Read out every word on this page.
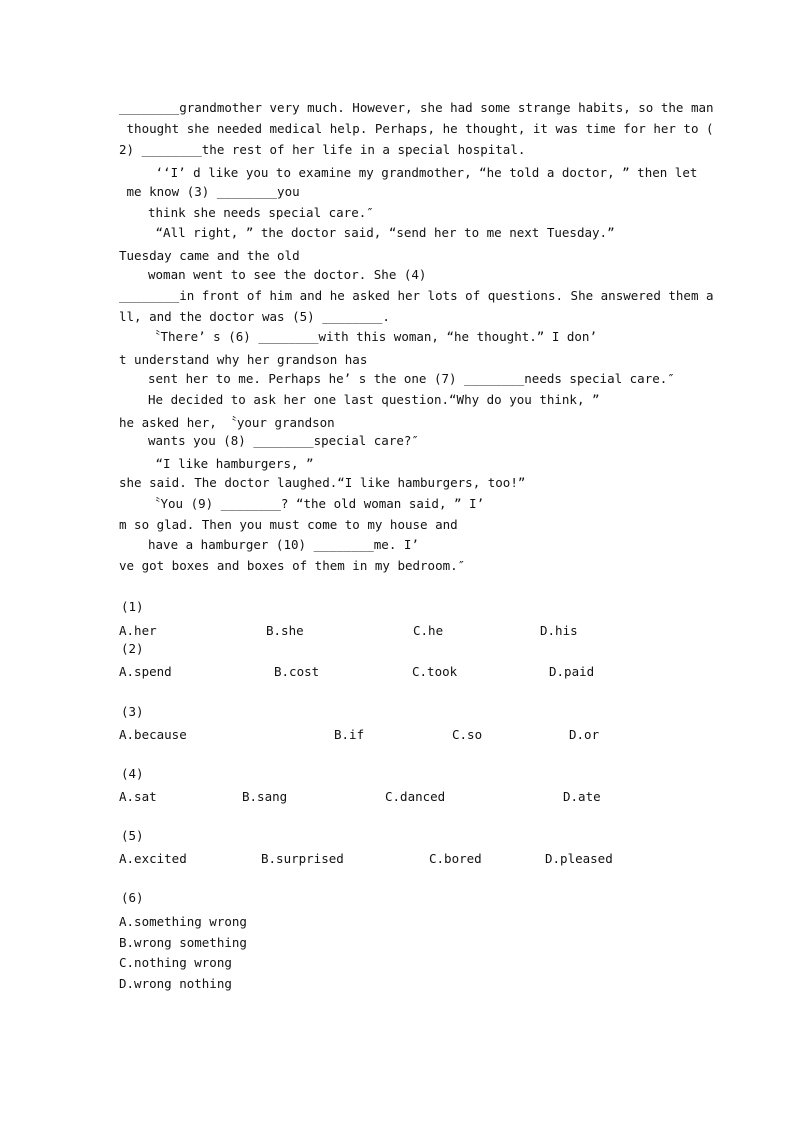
________grandmother very much. However, she had some strange habits, so the man
thought she needed medical help. Perhaps, he thought, it was time for her to (
2) ________the rest of her life in a special hospital.
‘‘I’ d like you to examine my grandmother, “he told a doctor, ” then let
me know (3) ________you
think she needs special care.″
“All right, ” the doctor said, “send her to me next Tuesday.”
Tuesday came and the old
woman went to see the doctor. She (4)
________in front of him and he asked her lots of questions. She answered them a
ll, and the doctor was (5) ________.
〝There’ s (6) ________with this woman, “he thought.” I don’
t understand why her grandson has
sent her to me. Perhaps he’ s the one (7) ________needs special care.″
He decided to ask her one last question.“Why do you think, ”
he asked her, 〝your grandson
wants you (8) ________special care?″
“I like hamburgers, ”
she said. The doctor laughed.“I like hamburgers, too!”
〝You (9) ________? “the old woman said, ” I’
m so glad. Then you must come to my house and
have a hamburger (10) ________me. I’
ve got boxes and boxes of them in my bedroom.″
(1)
A.her	B.she	C.he	D.his
(2)
A.spend	B.cost	C.took	D.paid
(3)
A.because	B.if	C.so	D.or
(4)
A.sat	B.sang	C.danced	D.ate
(5)
A.excited	B.surprised	C.bored	D.pleased
(6)
A.something wrong
B.wrong something
C.nothing wrong
D.wrong nothing
